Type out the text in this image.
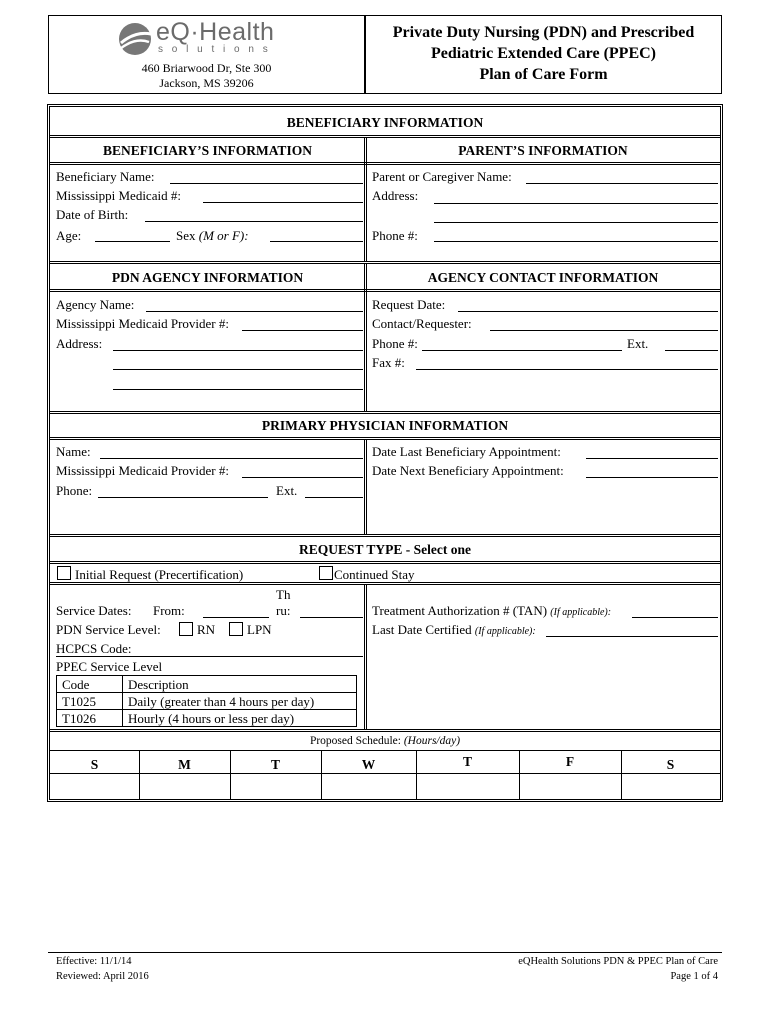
eQ·Health
s o l u t i o n s
460 Briarwood Dr, Ste 300
Jackson, MS 39206
Private Duty Nursing (PDN) and Prescribed
Pediatric Extended Care (PPEC)
Plan of Care Form
BENEFICIARY INFORMATION
BENEFICIARY’S INFORMATION	PARENT’S INFORMATION
Beneficiary Name:
Mississippi Medicaid #:
Date of Birth:
Age:	Sex (M or F):
Parent or Caregiver Name:
Address:
Phone #:
PDN AGENCY INFORMATION	AGENCY CONTACT INFORMATION
Agency Name:
Mississippi Medicaid Provider #:
Address:
Request Date:
Contact/Requester:
Phone #:	Ext.
Fax #:
PRIMARY PHYSICIAN INFORMATION
Name:
Mississippi Medicaid Provider #:
Phone:	Ext.
Date Last Beneficiary Appointment:
Date Next Beneficiary Appointment:
REQUEST TYPE - Select one
Initial Request (Precertification)	Continued Stay
Th
Service Dates: From:	ru:
PDN Service Level:	RN LPN
HCPCS Code:
PPEC Service Level
Code	Description
T1025	Daily (greater than 4 hours per day)
T1026	Hourly (4 hours or less per day)
Treatment Authorization # (TAN) (If applicable):
Last Date Certified (If applicable):
Proposed Schedule: (Hours/day)
S	M	T	W	T	F	S
Effective: 11/1/14
Reviewed: April 2016
eQHealth Solutions PDN & PPEC Plan of Care
Page 1 of 4
